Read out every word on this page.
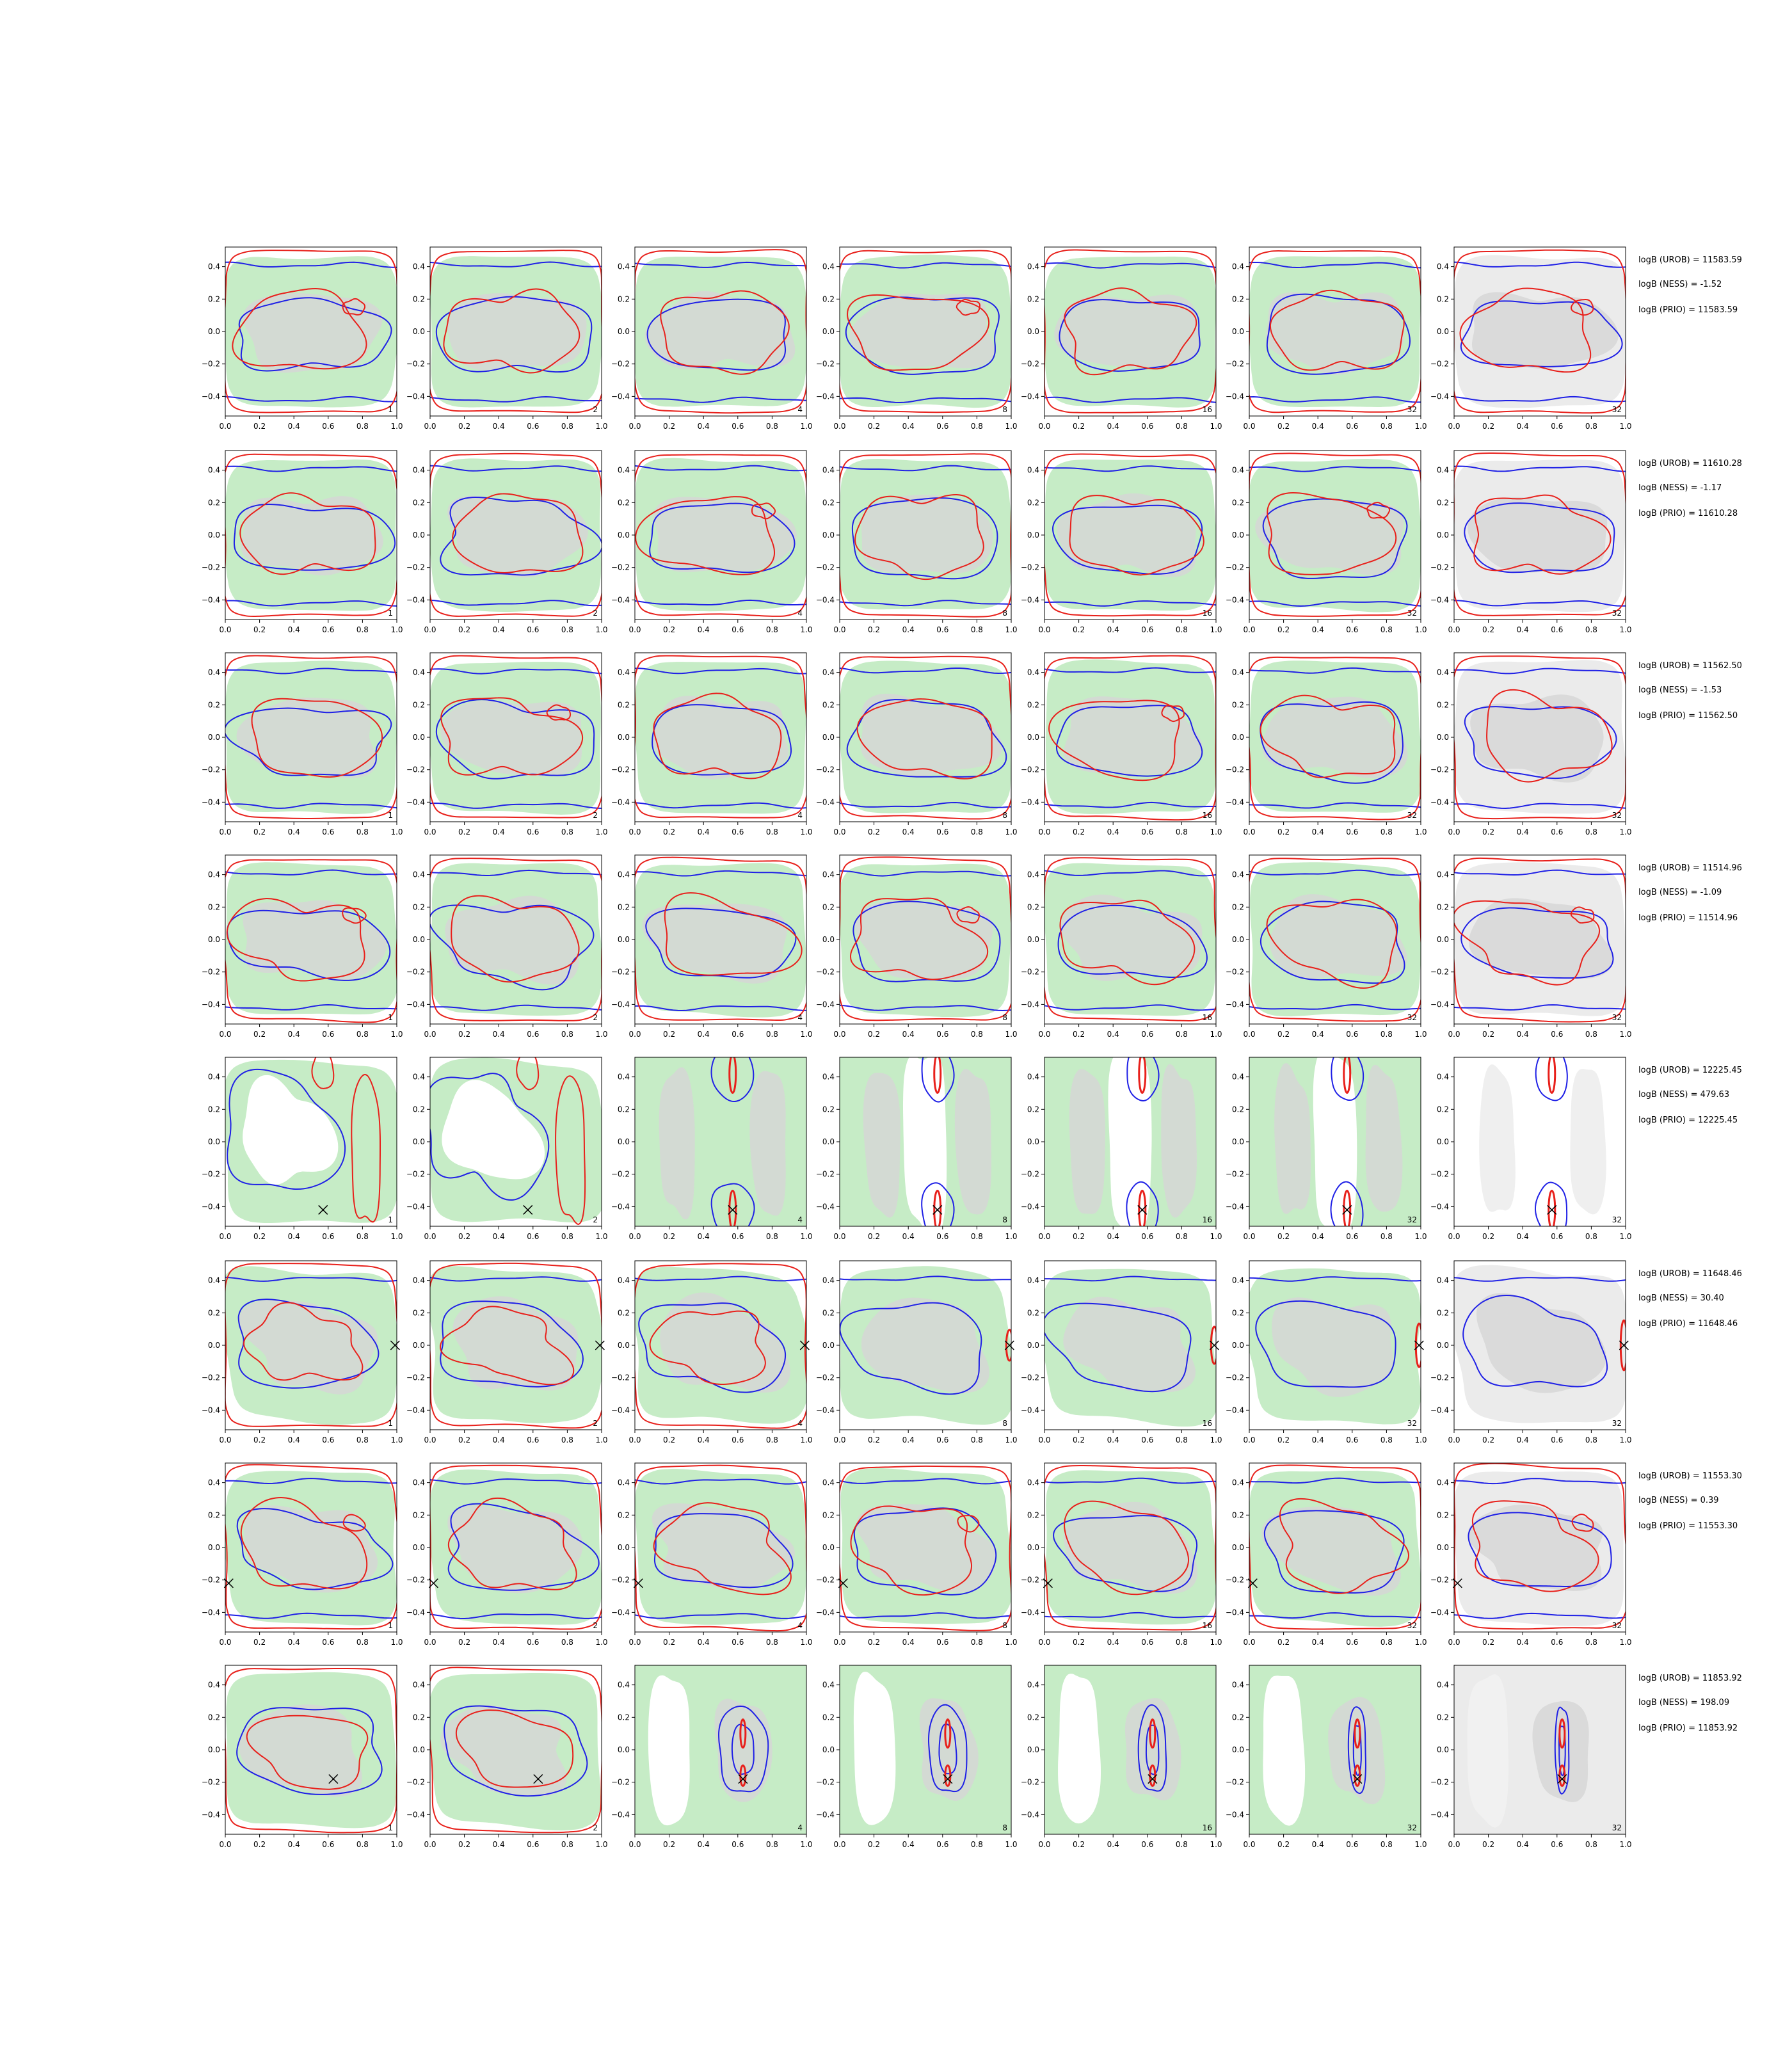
1
0.0	0.2	0.4	0.6	0.8	1.0
0.4
0.2
0.0
−0.2
−0.4
2
0.0	0.2	0.4	0.6	0.8	1.0
0.4
0.2
0.0
−0.2
−0.4
4
0.0	0.2	0.4	0.6	0.8	1.0
0.4
0.2
0.0
−0.2
−0.4
8
0.0	0.2	0.4	0.6	0.8	1.0
0.4
0.2
0.0
−0.2
−0.4
16
0.0	0.2	0.4	0.6	0.8	1.0
0.4
0.2
0.0
−0.2
−0.4
32
0.0	0.2	0.4	0.6	0.8	1.0
0.4
0.2
0.0
−0.2
−0.4
32
0.0	0.2	0.4	0.6	0.8	1.0
0.4
0.2
0.0
−0.2
−0.4
logB (UROB) = 11583.59
logB (NESS) = -1.52
logB (PRIO) = 11583.59
1
0.0	0.2	0.4	0.6	0.8	1.0
0.4
0.2
0.0
−0.2
−0.4
2
0.0	0.2	0.4	0.6	0.8	1.0
0.4
0.2
0.0
−0.2
−0.4
4
0.0	0.2	0.4	0.6	0.8	1.0
0.4
0.2
0.0
−0.2
−0.4
8
0.0	0.2	0.4	0.6	0.8	1.0
0.4
0.2
0.0
−0.2
−0.4
16
0.0	0.2	0.4	0.6	0.8	1.0
0.4
0.2
0.0
−0.2
−0.4
32
0.0	0.2	0.4	0.6	0.8	1.0
0.4
0.2
0.0
−0.2
−0.4
32
0.0	0.2	0.4	0.6	0.8	1.0
0.4
0.2
0.0
−0.2
−0.4
logB (UROB) = 11610.28
logB (NESS) = -1.17
logB (PRIO) = 11610.28
1
0.0	0.2	0.4	0.6	0.8	1.0
0.4
0.2
0.0
−0.2
−0.4
2
0.0	0.2	0.4	0.6	0.8	1.0
0.4
0.2
0.0
−0.2
−0.4
4
0.0	0.2	0.4	0.6	0.8	1.0
0.4
0.2
0.0
−0.2
−0.4
8
0.0	0.2	0.4	0.6	0.8	1.0
0.4
0.2
0.0
−0.2
−0.4
16
0.0	0.2	0.4	0.6	0.8	1.0
0.4
0.2
0.0
−0.2
−0.4
32
0.0	0.2	0.4	0.6	0.8	1.0
0.4
0.2
0.0
−0.2
−0.4
32
0.0	0.2	0.4	0.6	0.8	1.0
0.4
0.2
0.0
−0.2
−0.4
logB (UROB) = 11562.50
logB (NESS) = -1.53
logB (PRIO) = 11562.50
1
0.0	0.2	0.4	0.6	0.8	1.0
0.4
0.2
0.0
−0.2
−0.4
2
0.0	0.2	0.4	0.6	0.8	1.0
0.4
0.2
0.0
−0.2
−0.4
4
0.0	0.2	0.4	0.6	0.8	1.0
0.4
0.2
0.0
−0.2
−0.4
8
0.0	0.2	0.4	0.6	0.8	1.0
0.4
0.2
0.0
−0.2
−0.4
16
0.0	0.2	0.4	0.6	0.8	1.0
0.4
0.2
0.0
−0.2
−0.4
32
0.0	0.2	0.4	0.6	0.8	1.0
0.4
0.2
0.0
−0.2
−0.4
32
0.0	0.2	0.4	0.6	0.8	1.0
0.4
0.2
0.0
−0.2
−0.4
logB (UROB) = 11514.96
logB (NESS) = -1.09
logB (PRIO) = 11514.96
1
0.0	0.2	0.4	0.6	0.8	1.0
0.4
0.2
0.0
−0.2
−0.4
2
0.0	0.2	0.4	0.6	0.8	1.0
0.4
0.2
0.0
−0.2
−0.4
4
0.0	0.2	0.4	0.6	0.8	1.0
0.4
0.2
0.0
−0.2
−0.4
8
0.0	0.2	0.4	0.6	0.8	1.0
0.4
0.2
0.0
−0.2
−0.4
16
0.0	0.2	0.4	0.6	0.8	1.0
0.4
0.2
0.0
−0.2
−0.4
32
0.0	0.2	0.4	0.6	0.8	1.0
0.4
0.2
0.0
−0.2
−0.4
32
0.0	0.2	0.4	0.6	0.8	1.0
0.4
0.2
0.0
−0.2
−0.4
logB (UROB) = 12225.45
logB (NESS) = 479.63
logB (PRIO) = 12225.45
1
0.0	0.2	0.4	0.6	0.8	1.0
0.4
0.2
0.0
−0.2
−0.4
2
0.0	0.2	0.4	0.6	0.8	1.0
0.4
0.2
0.0
−0.2
−0.4
4
0.0	0.2	0.4	0.6	0.8	1.0
0.4
0.2
0.0
−0.2
−0.4
8
0.0	0.2	0.4	0.6	0.8	1.0
0.4
0.2
0.0
−0.2
−0.4
16
0.0	0.2	0.4	0.6	0.8	1.0
0.4
0.2
0.0
−0.2
−0.4
32
0.0	0.2	0.4	0.6	0.8	1.0
0.4
0.2
0.0
−0.2
−0.4
32
0.0	0.2	0.4	0.6	0.8	1.0
0.4
0.2
0.0
−0.2
−0.4
logB (UROB) = 11648.46
logB (NESS) = 30.40
logB (PRIO) = 11648.46
1
0.0	0.2	0.4	0.6	0.8	1.0
0.4
0.2
0.0
−0.2
−0.4
2
0.0	0.2	0.4	0.6	0.8	1.0
0.4
0.2
0.0
−0.2
−0.4
4
0.0	0.2	0.4	0.6	0.8	1.0
0.4
0.2
0.0
−0.2
−0.4
8
0.0	0.2	0.4	0.6	0.8	1.0
0.4
0.2
0.0
−0.2
−0.4
16
0.0	0.2	0.4	0.6	0.8	1.0
0.4
0.2
0.0
−0.2
−0.4
32
0.0	0.2	0.4	0.6	0.8	1.0
0.4
0.2
0.0
−0.2
−0.4
32
0.0	0.2	0.4	0.6	0.8	1.0
0.4
0.2
0.0
−0.2
−0.4
logB (UROB) = 11553.30
logB (NESS) = 0.39
logB (PRIO) = 11553.30
1
0.0	0.2	0.4	0.6	0.8	1.0
0.4
0.2
0.0
−0.2
−0.4
2
0.0	0.2	0.4	0.6	0.8	1.0
0.4
0.2
0.0
−0.2
−0.4
4
0.0	0.2	0.4	0.6	0.8	1.0
0.4
0.2
0.0
−0.2
−0.4
8
0.0	0.2	0.4	0.6	0.8	1.0
0.4
0.2
0.0
−0.2
−0.4
16
0.0	0.2	0.4	0.6	0.8	1.0
0.4
0.2
0.0
−0.2
−0.4
32
0.0	0.2	0.4	0.6	0.8	1.0
0.4
0.2
0.0
−0.2
−0.4
32
0.0	0.2	0.4	0.6	0.8	1.0
0.4
0.2
0.0
−0.2
−0.4
logB (UROB) = 11853.92
logB (NESS) = 198.09
logB (PRIO) = 11853.92
